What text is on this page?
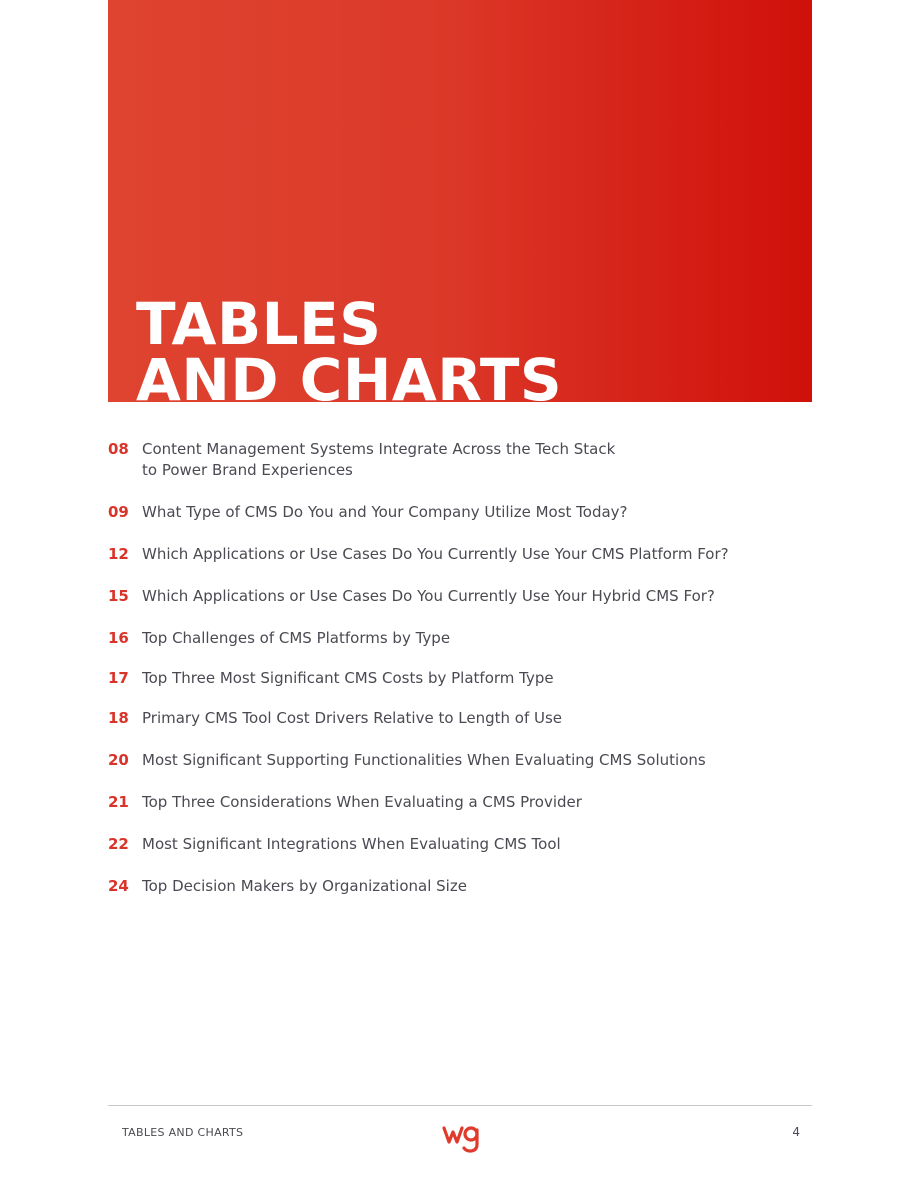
TABLES
AND CHARTS
08 Content Management Systems Integrate Across the Tech Stack
to Power Brand Experiences
09 What Type of CMS Do You and Your Company Utilize Most Today?
12 Which Applications or Use Cases Do You Currently Use Your CMS Platform For?
15 Which Applications or Use Cases Do You Currently Use Your Hybrid CMS For?
16 Top Challenges of CMS Platforms by Type
17 Top Three Most Significant CMS Costs by Platform Type
18 Primary CMS Tool Cost Drivers Relative to Length of Use
20 Most Significant Supporting Functionalities When Evaluating CMS Solutions
21 Top Three Considerations When Evaluating a CMS Provider
22 Most Significant Integrations When Evaluating CMS Tool
24 Top Decision Makers by Organizational Size
TABLES AND CHARTS	4
